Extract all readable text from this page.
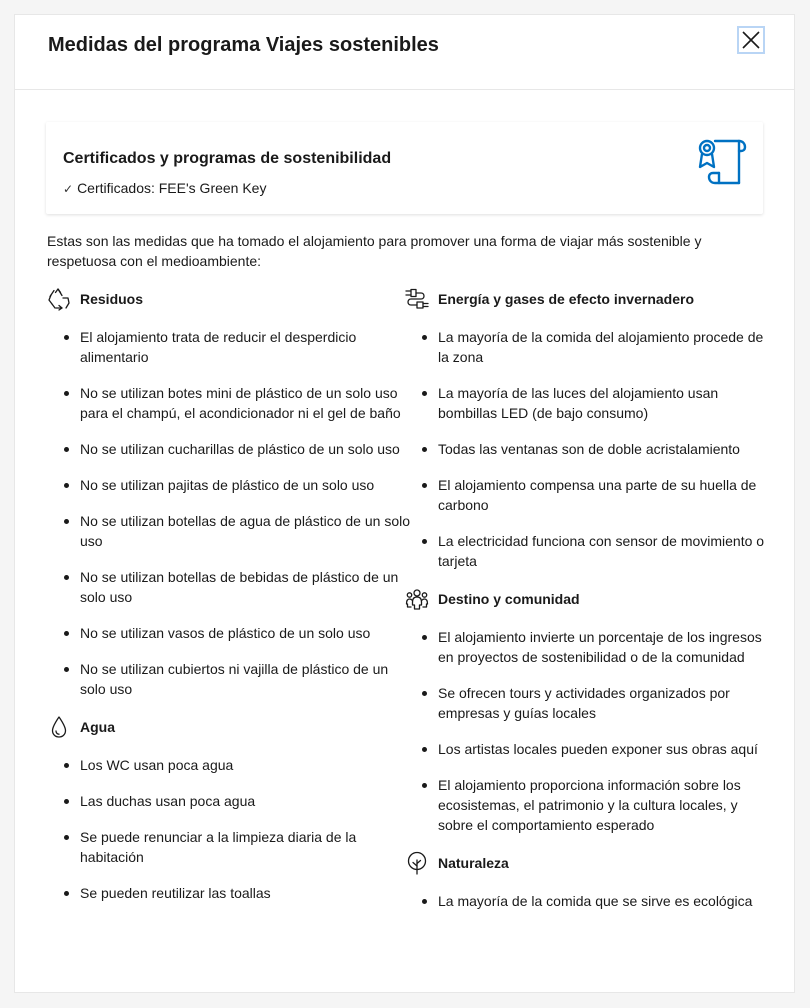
Medidas del programa Viajes sostenibles
Certificados y programas de sostenibilidad
✓ Certificados: FEE's Green Key

Estas son las medidas que ha tomado el alojamiento para promover una forma de viajar más sostenible y respetuosa con el medioambiente:

Residuos
El alojamiento trata de reducir el desperdicio alimentario
No se utilizan botes mini de plástico de un solo uso para el champú, el acondicionador ni el gel de baño
No se utilizan cucharillas de plástico de un solo uso
No se utilizan pajitas de plástico de un solo uso
No se utilizan botellas de agua de plástico de un solo uso
No se utilizan botellas de bebidas de plástico de un solo uso
No se utilizan vasos de plástico de un solo uso
No se utilizan cubiertos ni vajilla de plástico de un solo uso
Agua
Los WC usan poca agua
Las duchas usan poca agua
Se puede renunciar a la limpieza diaria de la habitación
Se pueden reutilizar las toallas
Energía y gases de efecto invernadero
La mayoría de la comida del alojamiento procede de la zona
La mayoría de las luces del alojamiento usan bombillas LED (de bajo consumo)
Todas las ventanas son de doble acristalamiento
El alojamiento compensa una parte de su huella de carbono
La electricidad funciona con sensor de movimiento o tarjeta
Destino y comunidad
El alojamiento invierte un porcentaje de los ingresos en proyectos de sostenibilidad o de la comunidad
Se ofrecen tours y actividades organizados por empresas y guías locales
Los artistas locales pueden exponer sus obras aquí
El alojamiento proporciona información sobre los ecosistemas, el patrimonio y la cultura locales, y sobre el comportamiento esperado
Naturaleza
La mayoría de la comida que se sirve es ecológica
